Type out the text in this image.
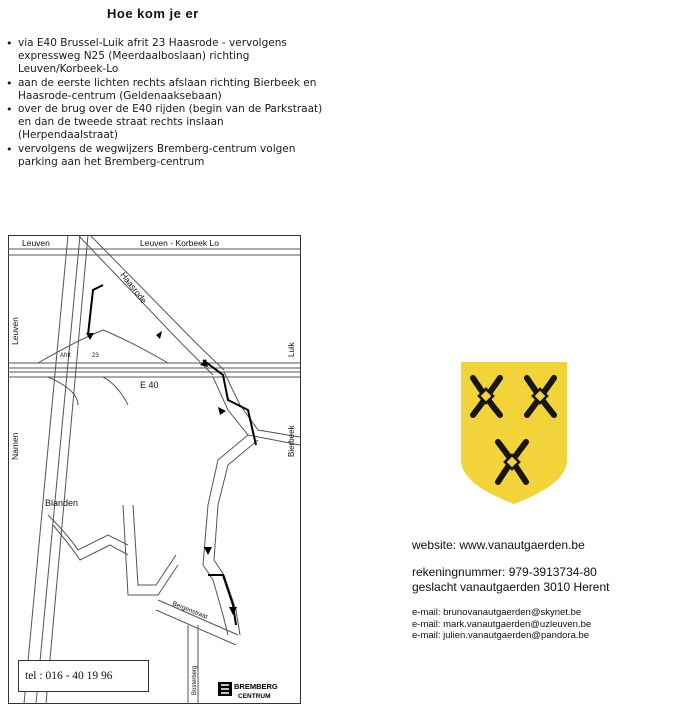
Hoe kom je er
• via E40 Brussel-Luik afrit 23 Haasrode - vervolgens expressweg N25 (Meerdaalboslaan) richting Leuven/Korbeek-Lo
• aan de eerste lichten rechts afslaan richting Bierbeek en Haasrode-centrum (Geldenaaksebaan)
• over de brug over de E40 rijden (begin van de Parkstraat) en dan de tweede straat rechts inslaan (Herpendaalstraat)
• vervolgens de wegwijzers Bremberg-centrum volgen parking aan het Bremberg-centrum
Leuven	Leuven - Korbeek Lo
Haasrode
Leuven
Luik
Afrit	23
E 40
Bierbeek
Namen
Blanden
Bergenstraat
Bosterberg	BREMBERG
CENTRUM
tel : 016 - 40 19 96
website: www.vanautgaerden.be
rekeningnummer: 979-3913734-80
geslacht vanautgaerden 3010 Herent
e-mail: brunovanautgaerden@skynet.be
e-mail: mark.vanautgaerden@uzleuven.be
e-mail: julien.vanautgaerden@pandora.be
